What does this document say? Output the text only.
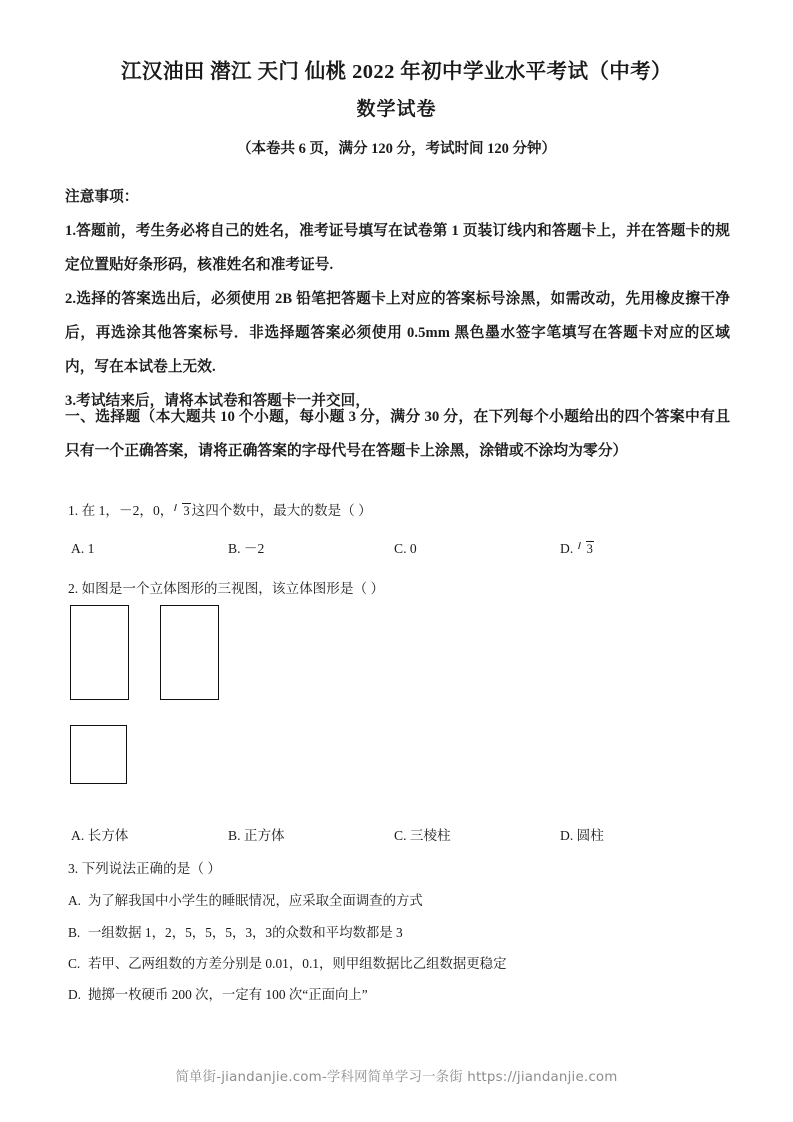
江汉油田 潜江 天门 仙桃 2022 年初中学业水平考试（中考）
数学试卷
（本卷共 6 页，满分 120 分，考试时间 120 分钟）

注意事项：

1.答题前，考生务必将自己的姓名，准考证号填写在试卷第 1 页装订线内和答题卡上，并在答题卡的规定位置贴好条形码，核准姓名和准考证号.

2.选择的答案选出后，必须使用 2B 铅笔把答题卡上对应的答案标号涂黑，如需改动，先用橡皮擦干净后，再选涂其他答案标号．非选择题答案必须使用 0.5mm 黑色墨水签字笔填写在答题卡对应的区域内，写在本试卷上无效.

3.考试结来后，请将本试卷和答题卡一并交回，

一、选择题（本大题共 10 个小题，每小题 3 分，满分 30 分，在下列每个小题给出的四个答案中有且只有一个正确答案，请将正确答案的字母代号在答题卡上涂黑，涂错或不涂均为零分）

1. 在 1，－2，0， 3 这四个数中，最大的数是（ ）
A. 1	B. －2	C. 0	D. 3
2. 如图是一个立体图形的三视图，该立体图形是（ ）
A. 长方体	B. 正方体	C. 三棱柱	D. 圆柱
3. 下列说法正确的是（ ）
A. 为了解我国中小学生的睡眠情况，应采取全面调查的方式
B. 一组数据 1，2，5，5，5，3，3的众数和平均数都是 3
C. 若甲、乙两组数的方差分别是 0.01，0.1，则甲组数据比乙组数据更稳定
D. 抛掷一枚硬币 200 次，一定有 100 次“正面向上”
简单街-jiandanjie.com-学科网简单学习一条街 https://jiandanjie.com
